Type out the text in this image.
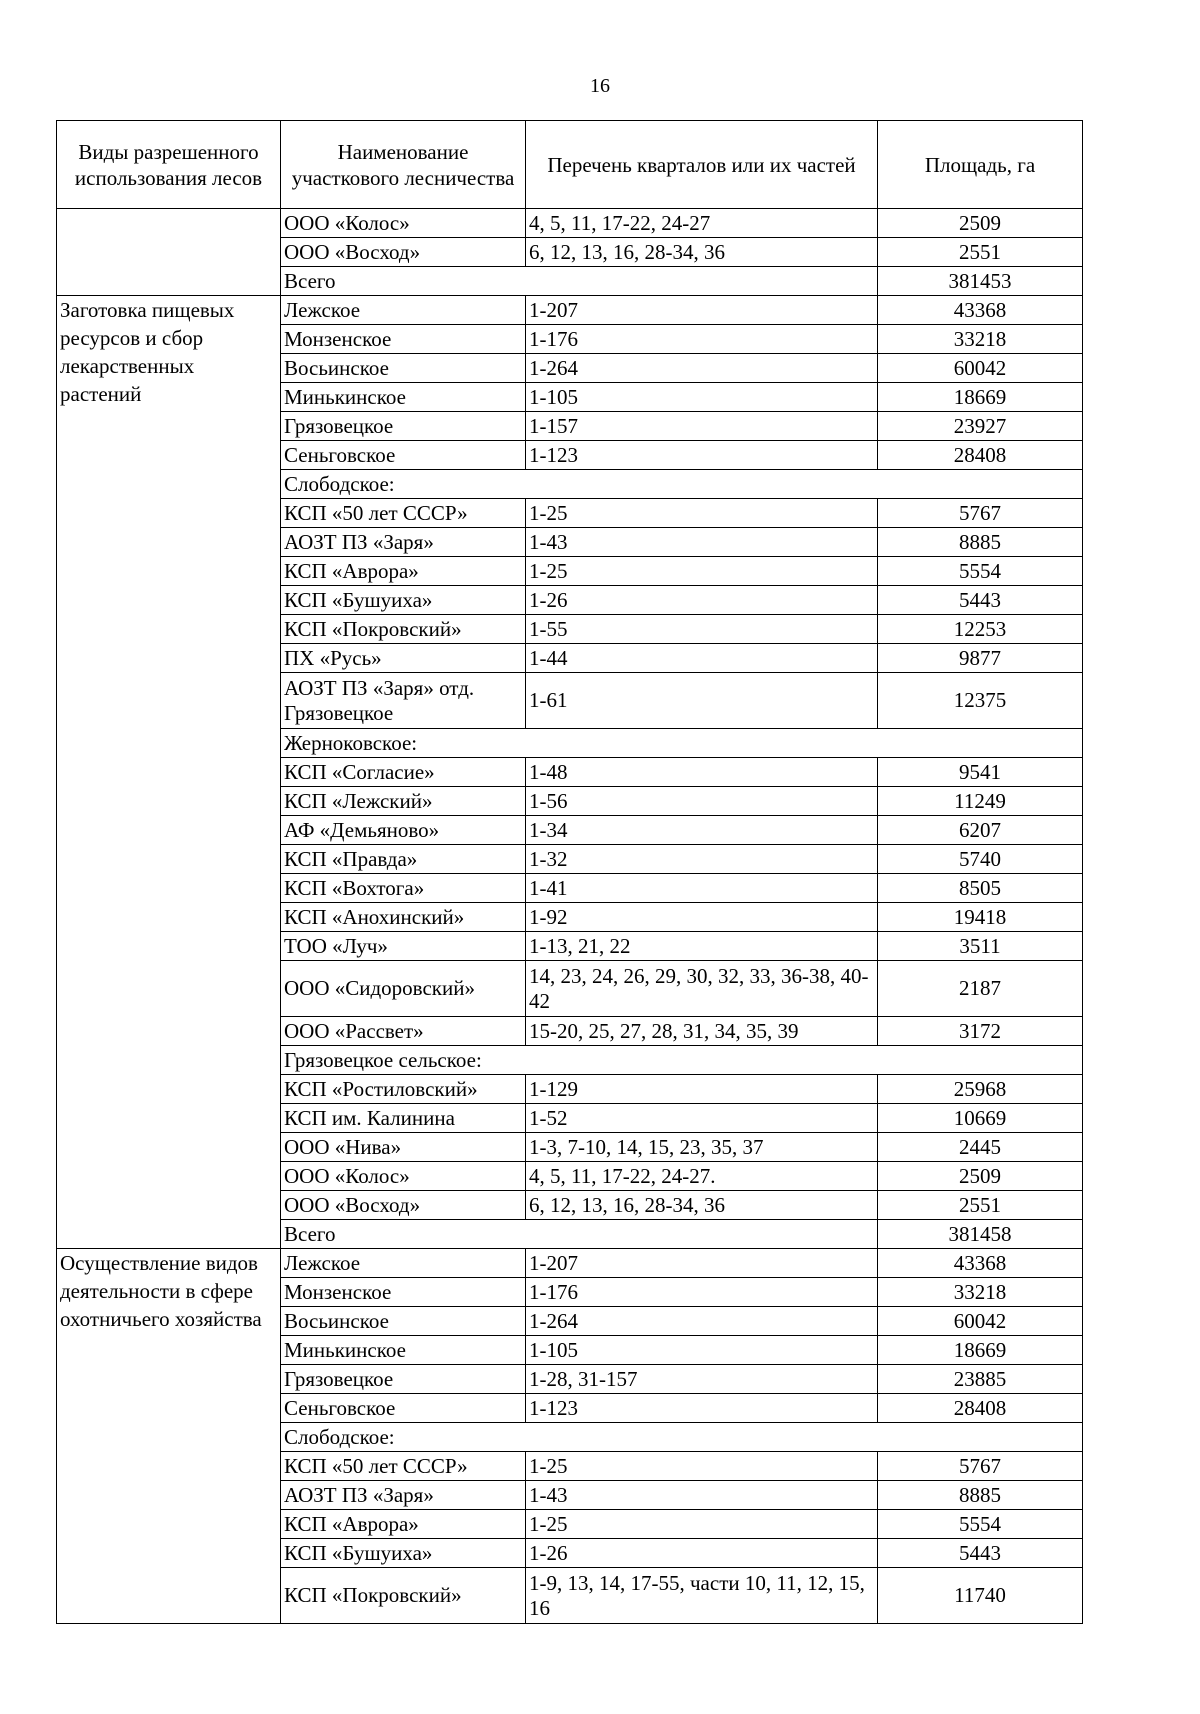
16
Виды разрешенного использования лесов	Наименование участкового лесничества	Перечень кварталов или их частей	Площадь, га
	ООО «Колос»	4, 5, 11, 17-22, 24-27	2509
	ООО «Восход»	6, 12, 13, 16, 28-34, 36	2551
	Всего		381453
Заготовка пищевых ресурсов и сбор лекарственных растений	Лежское	1-207	43368
	Монзенское	1-176	33218
	Восьинское	1-264	60042
	Минькинское	1-105	18669
	Грязовецкое	1-157	23927
	Сеньговское	1-123	28408
	Слободское:		
	КСП «50 лет СССР»	1-25	5767
	АОЗТ ПЗ «Заря»	1-43	8885
	КСП «Аврора»	1-25	5554
	КСП «Бушуиха»	1-26	5443
	КСП «Покровский»	1-55	12253
	ПХ «Русь»	1-44	9877
	АОЗТ ПЗ «Заря» отд. Грязовецкое	1-61	12375
	Жерноковское:		
	КСП «Согласие»	1-48	9541
	КСП «Лежский»	1-56	11249
	АФ «Демьяново»	1-34	6207
	КСП «Правда»	1-32	5740
	КСП «Вохтога»	1-41	8505
	КСП «Анохинский»	1-92	19418
	ТОО «Луч»	1-13, 21, 22	3511
	ООО «Сидоровский»	14, 23, 24, 26, 29, 30, 32, 33, 36-38, 40-42	2187
	ООО «Рассвет»	15-20, 25, 27, 28, 31, 34, 35, 39	3172
	Грязовецкое сельское:		
	КСП «Ростиловский»	1-129	25968
	КСП им. Калинина	1-52	10669
	ООО «Нива»	1-3, 7-10, 14, 15, 23, 35, 37	2445
	ООО «Колос»	4, 5, 11, 17-22, 24-27.	2509
	ООО «Восход»	6, 12, 13, 16, 28-34, 36	2551
	Всего		381458
Осуществление видов деятельности в сфере охотничьего хозяйства	Лежское	1-207	43368
	Монзенское	1-176	33218
	Восьинское	1-264	60042
	Минькинское	1-105	18669
	Грязовецкое	1-28, 31-157	23885
	Сеньговское	1-123	28408
	Слободское:		
	КСП «50 лет СССР»	1-25	5767
	АОЗТ ПЗ «Заря»	1-43	8885
	КСП «Аврора»	1-25	5554
	КСП «Бушуиха»	1-26	5443
	КСП «Покровский»	1-9, 13, 14, 17-55, части 10, 11, 12, 15, 16	11740
